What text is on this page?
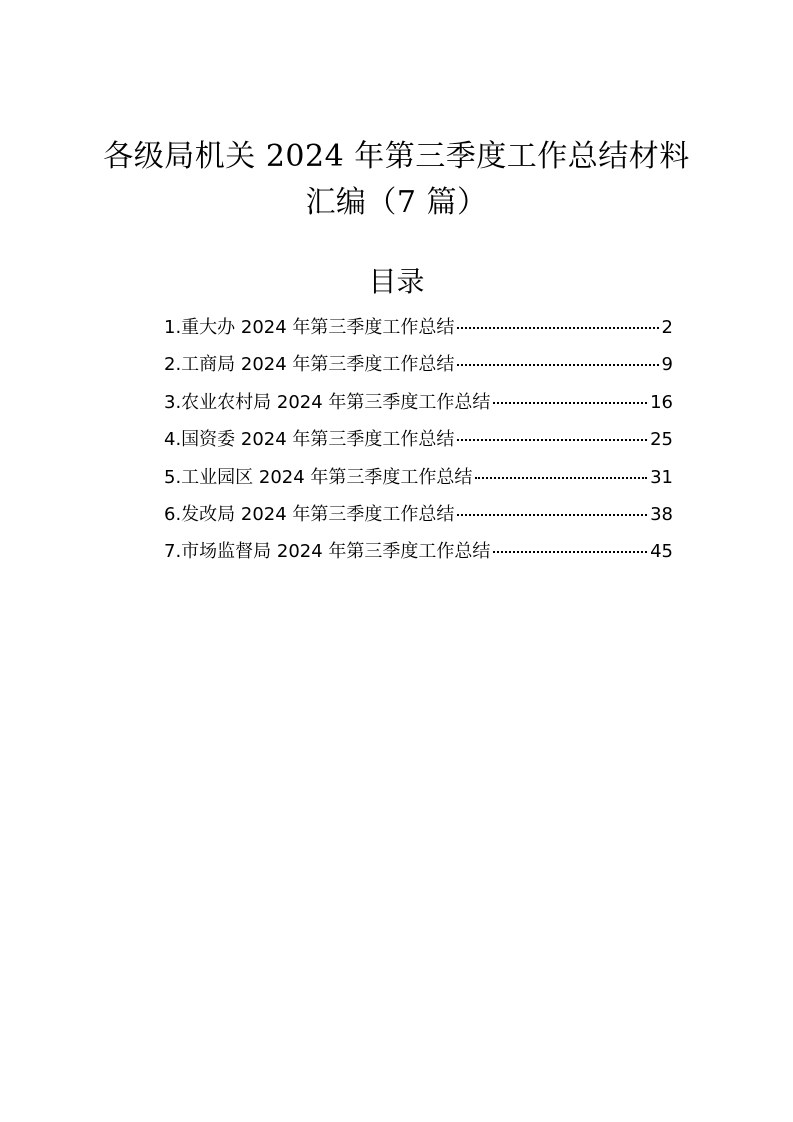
各级局机关 2024 年第三季度工作总结材料
汇编（7 篇）
目录
1.重大办 2024 年第三季度工作总结	2
2.工商局 2024 年第三季度工作总结	9
3.农业农村局 2024 年第三季度工作总结	16
4.国资委 2024 年第三季度工作总结	25
5.工业园区 2024 年第三季度工作总结	31
6.发改局 2024 年第三季度工作总结	38
7.市场监督局 2024 年第三季度工作总结	45
